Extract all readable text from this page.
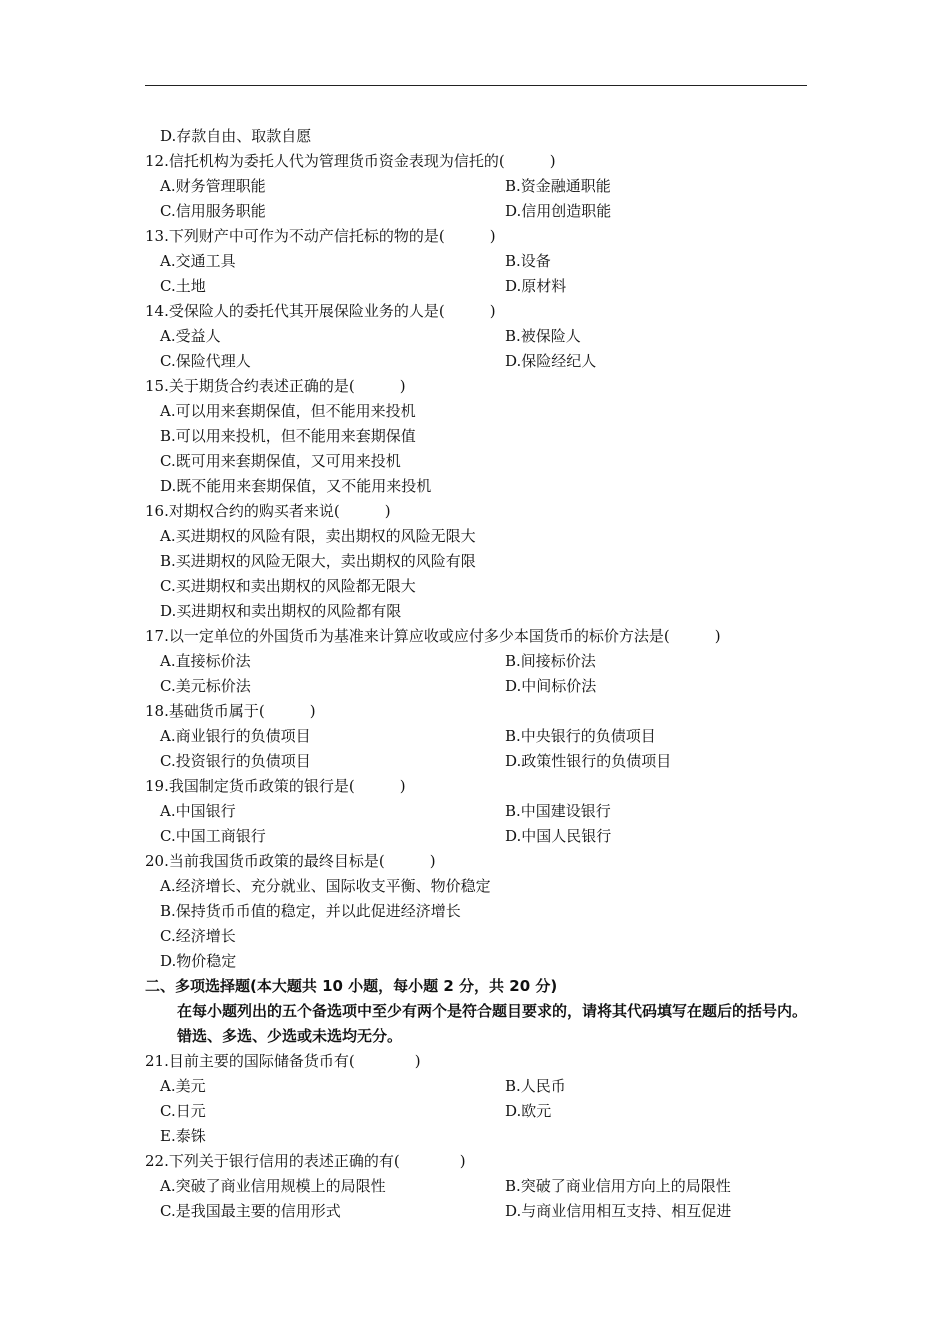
D.存款自由、取款自愿
12.信托机构为委托人代为管理货币资金表现为信托的(　　　)
A.财务管理职能	B.资金融通职能
C.信用服务职能	D.信用创造职能
13.下列财产中可作为不动产信托标的物的是(　　　)
A.交通工具	B.设备
C.土地	D.原材料
14.受保险人的委托代其开展保险业务的人是(　　　)
A.受益人	B.被保险人
C.保险代理人	D.保险经纪人
15.关于期货合约表述正确的是(　　　)
A.可以用来套期保值，但不能用来投机
B.可以用来投机，但不能用来套期保值
C.既可用来套期保值，又可用来投机
D.既不能用来套期保值，又不能用来投机
16.对期权合约的购买者来说(　　　)
A.买进期权的风险有限，卖出期权的风险无限大
B.买进期权的风险无限大，卖出期权的风险有限
C.买进期权和卖出期权的风险都无限大
D.买进期权和卖出期权的风险都有限
17.以一定单位的外国货币为基准来计算应收或应付多少本国货币的标价方法是(　　　)
A.直接标价法	B.间接标价法
C.美元标价法	D.中间标价法
18.基础货币属于(　　　)
A.商业银行的负债项目	B.中央银行的负债项目
C.投资银行的负债项目	D.政策性银行的负债项目
19.我国制定货币政策的银行是(　　　)
A.中国银行	B.中国建设银行
C.中国工商银行	D.中国人民银行
20.当前我国货币政策的最终目标是(　　　)
A.经济增长、充分就业、国际收支平衡、物价稳定
B.保持货币币值的稳定，并以此促进经济增长
C.经济增长
D.物价稳定
二、多项选择题(本大题共 10 小题，每小题 2 分，共 20 分)
在每小题列出的五个备选项中至少有两个是符合题目要求的，请将其代码填写在题后的括号内。错选、多选、少选或未选均无分。
21.目前主要的国际储备货币有(　　　　)
A.美元	B.人民币
C.日元	D.欧元
E.泰铢
22.下列关于银行信用的表述正确的有(　　　　)
A.突破了商业信用规模上的局限性	B.突破了商业信用方向上的局限性
C.是我国最主要的信用形式	D.与商业信用相互支持、相互促进
